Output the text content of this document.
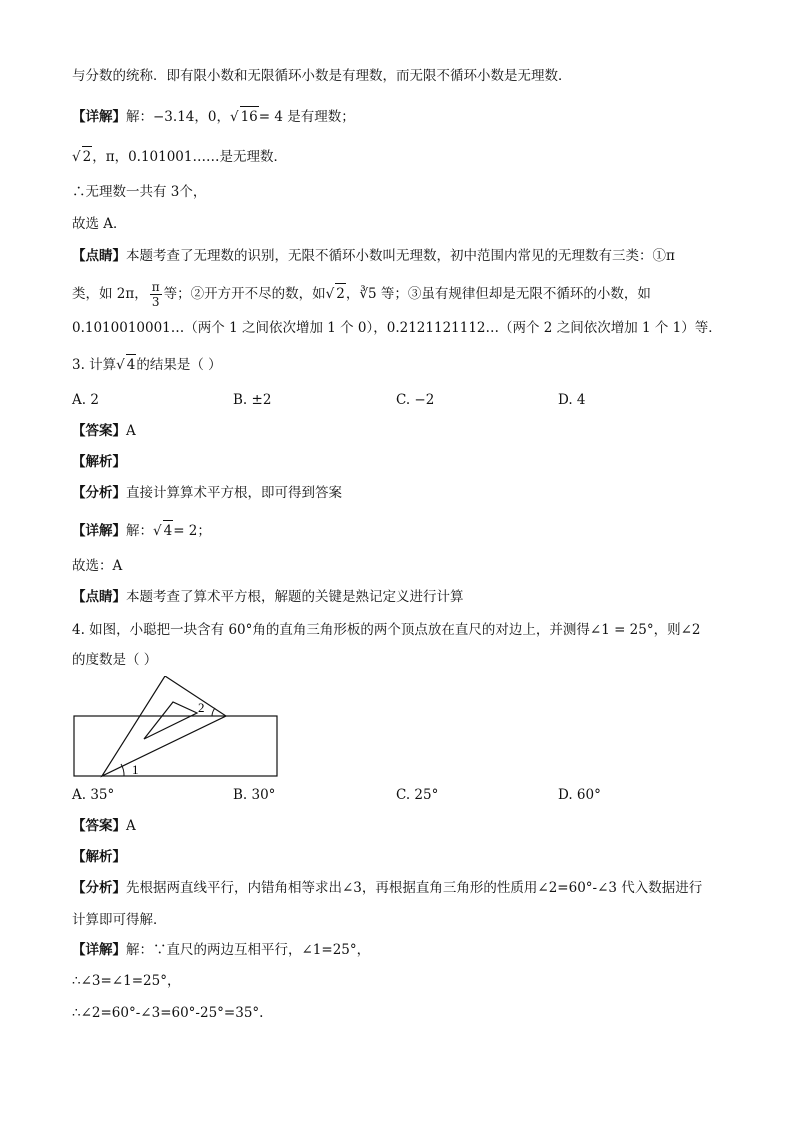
与分数的统称．即有限小数和无限循环小数是有理数，而无限不循环小数是无理数．
【详解】解：−3.14，0，√ 16= 4 是有理数；
√ 2，π，0.101001……是无理数．
∴无理数一共有 3个，
故选 A．
【点睛】本题考查了无理数的识别，无限不循环小数叫无理数，初中范围内常见的无理数有三类：①π
类，如 2π， $\frac{\pi}{3}$ 等；②开方开不尽的数，如√ 2，∛5 等；③虽有规律但却是无限不循环的小数，如
0.1010010001…（两个 1 之间依次增加 1 个 0），0.2121121112…（两个 2 之间依次增加 1 个 1）等．
3. 计算√ 4的结果是（ ）
A. 2	B. ±2	C. −2	D. 4
【答案】A
【解析】
【分析】直接计算算术平方根，即可得到答案
【详解】解：√ 4= 2；
故选：A
【点睛】本题考查了算术平方根，解题的关键是熟记定义进行计算
4. 如图，小聪把一块含有 60°角的直角三角形板的两个顶点放在直尺的对边上，并测得∠1 = 25°，则∠2
的度数是（ ）
1
2
A. 35°	B. 30°	C. 25°	D. 60°
【答案】A
【解析】
【分析】先根据两直线平行，内错角相等求出∠3，再根据直角三角形的性质用∠2=60°-∠3 代入数据进行
计算即可得解．
【详解】解：∵直尺的两边互相平行，∠1=25°，
∴∠3=∠1=25°，
∴∠2=60°-∠3=60°-25°=35°.
